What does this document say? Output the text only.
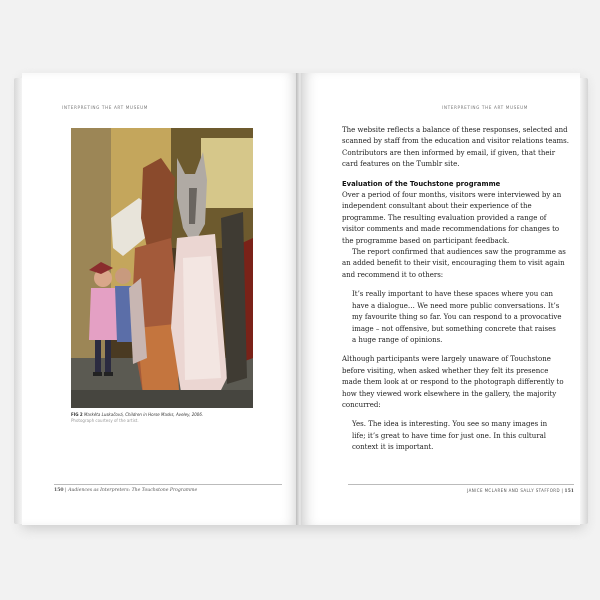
INTERPRETING THE ART MUSEUM
FIG 2 Markéta Luskačová, Children in Horse Masks, Aveley, 2006.
Photograph courtesy of the artist.
150 | Audiences as Interpreters: The Touchstone Programme
INTERPRETING THE ART MUSEUM

The website reflects a balance of these responses, selected and scanned by staff from the education and visitor relations teams. Contributors are then informed by email, if given, that their card features on the Tumblr site.

Evaluation of the Touchstone programme

Over a period of four months, visitors were interviewed by an independent consultant about their experience of the programme. The resulting evaluation provided a range of visitor comments and made recommendations for changes to the programme based on participant feedback.

The report confirmed that audiences saw the programme as an added benefit to their visit, encouraging them to visit again and recommend it to others:

It’s really important to have these spaces where you can have a dialogue… We need more public conversations. It’s my favourite thing so far. You can respond to a provocative image – not offensive, but something concrete that raises a huge range of opinions.

Although participants were largely unaware of Touchstone before visiting, when asked whether they felt its presence made them look at or respond to the photograph differently to how they viewed work elsewhere in the gallery, the majority concurred:

Yes. The idea is interesting. You see so many images in life; it’s great to have time for just one. In this cultural context it is important.

JANICE MCLAREN AND SALLY STAFFORD | 151
